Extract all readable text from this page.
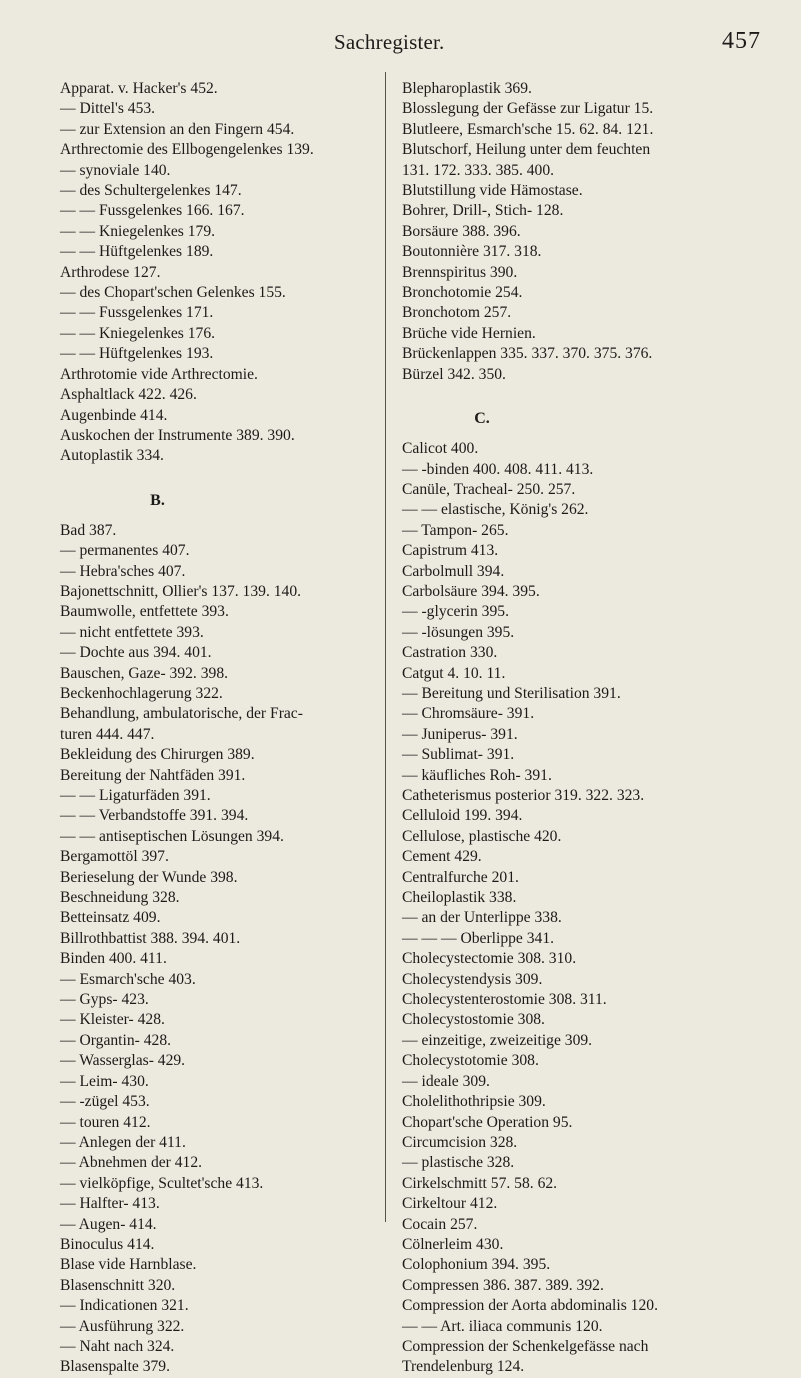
Sachregister.	457
Apparat. v. Hacker's 452.
— Dittel's 453.
— zur Extension an den Fingern 454.
Arthrectomie des Ellbogengelenkes 139.
— synoviale 140.
— des Schultergelenkes 147.
— — Fussgelenkes 166. 167.
— — Kniegelenkes 179.
— — Hüftgelenkes 189.
Arthrodese 127.
— des Chopart'schen Gelenkes 155.
— — Fussgelenkes 171.
— — Kniegelenkes 176.
— — Hüftgelenkes 193.
Arthrotomie vide Arthrectomie.
Asphaltlack 422. 426.
Augenbinde 414.
Auskochen der Instrumente 389. 390.
Autoplastik 334.
B.
Bad 387.
— permanentes 407.
— Hebra'sches 407.
Bajonettschnitt, Ollier's 137. 139. 140.
Baumwolle, entfettete 393.
— nicht entfettete 393.
— Dochte aus 394. 401.
Bauschen, Gaze- 392. 398.
Beckenhochlagerung 322.
Behandlung, ambulatorische, der Frac-
turen 444. 447.
Bekleidung des Chirurgen 389.
Bereitung der Nahtfäden 391.
— — Ligaturfäden 391.
— — Verbandstoffe 391. 394.
— — antiseptischen Lösungen 394.
Bergamottöl 397.
Berieselung der Wunde 398.
Beschneidung 328.
Betteinsatz 409.
Billrothbattist 388. 394. 401.
Binden 400. 411.
— Esmarch'sche 403.
— Gyps- 423.
— Kleister- 428.
— Organtin- 428.
— Wasserglas- 429.
— Leim- 430.
— -zügel 453.
— touren 412.
— Anlegen der 411.
— Abnehmen der 412.
— vielköpfige, Scultet'sche 413.
— Halfter- 413.
— Augen- 414.
Binoculus 414.
Blase vide Harnblase.
Blasenschnitt 320.
— Indicationen 321.
— Ausführung 322.
— Naht nach 324.
Blasenspalte 379.
Blepharoplastik 369.
Blosslegung der Gefässe zur Ligatur 15.
Blutleere, Esmarch'sche 15. 62. 84. 121.
Blutschorf, Heilung unter dem feuchten
131. 172. 333. 385. 400.
Blutstillung vide Hämostase.
Bohrer, Drill-, Stich- 128.
Borsäure 388. 396.
Boutonnière 317. 318.
Brennspiritus 390.
Bronchotomie 254.
Bronchotom 257.
Brüche vide Hernien.
Brückenlappen 335. 337. 370. 375. 376.
Bürzel 342. 350.
C.
Calicot 400.
— -binden 400. 408. 411. 413.
Canüle, Tracheal- 250. 257.
— — elastische, König's 262.
— Tampon- 265.
Capistrum 413.
Carbolmull 394.
Carbolsäure 394. 395.
— -glycerin 395.
— -lösungen 395.
Castration 330.
Catgut 4. 10. 11.
— Bereitung und Sterilisation 391.
— Chromsäure- 391.
— Juniperus- 391.
— Sublimat- 391.
— käufliches Roh- 391.
Catheterismus posterior 319. 322. 323.
Celluloid 199. 394.
Cellulose, plastische 420.
Cement 429.
Centralfurche 201.
Cheiloplastik 338.
— an der Unterlippe 338.
— — — Oberlippe 341.
Cholecystectomie 308. 310.
Cholecystendysis 309.
Cholecystenterostomie 308. 311.
Cholecystostomie 308.
— einzeitige, zweizeitige 309.
Cholecystotomie 308.
— ideale 309.
Cholelithothripsie 309.
Chopart'sche Operation 95.
Circumcision 328.
— plastische 328.
Cirkelschmitt 57. 58. 62.
Cirkeltour 412.
Cocain 257.
Cölnerleim 430.
Colophonium 394. 395.
Compressen 386. 387. 389. 392.
Compression der Aorta abdominalis 120.
— — Art. iliaca communis 120.
Compression der Schenkelgefässe nach
Trendelenburg 124.
